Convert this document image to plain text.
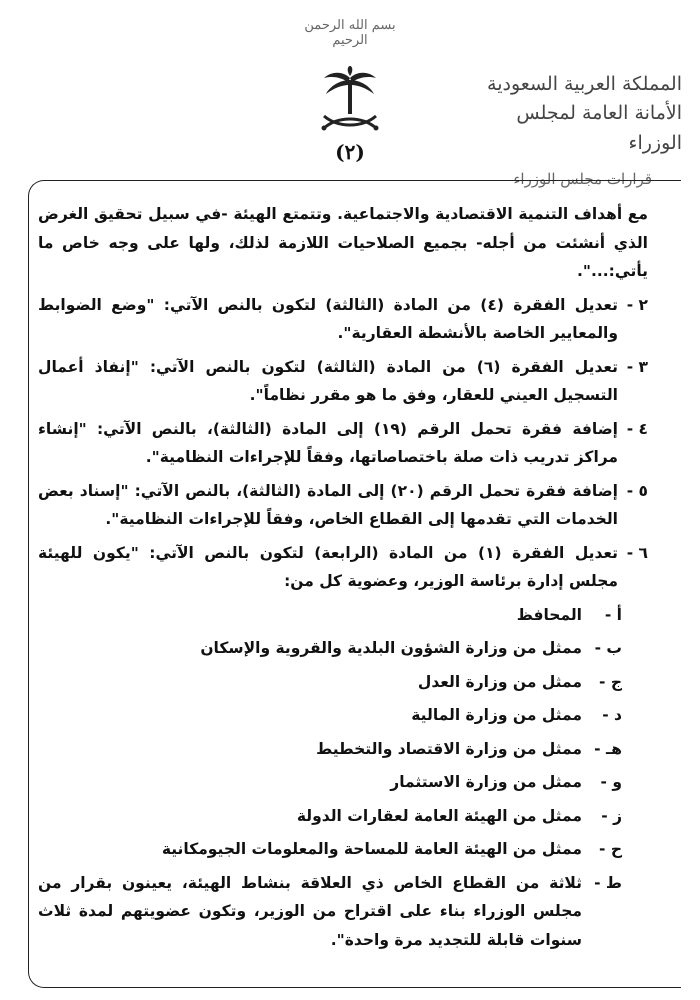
بسم الله الرحمن الرحيم
(٢)
المملكة العربية السعودية
الأمانة العامة لمجلس الوزراء
قرارات مجلس الوزراء

مع أهداف التنمية الاقتصادية والاجتماعية. وتتمتع الهيئة -في سبيل تحقيق الغرض الذي أنشئت من أجله- بجميع الصلاحيات اللازمة لذلك، ولها على وجه خاص ما يأتي:...".

٢ -
تعديل الفقرة (٤) من المادة (الثالثة) لتكون بالنص الآتي: "وضع الضوابط والمعايير الخاصة بالأنشطة العقارية".
٣ -
تعديل الفقرة (٦) من المادة (الثالثة) لتكون بالنص الآتي: "إنفاذ أعمال التسجيل العيني للعقار، وفق ما هو مقرر نظاماً".
٤ -
إضافة فقرة تحمل الرقم (١٩) إلى المادة (الثالثة)، بالنص الآتي: "إنشاء مراكز تدريب ذات صلة باختصاصاتها، وفقاً للإجراءات النظامية".
٥ -
إضافة فقرة تحمل الرقم (٢٠) إلى المادة (الثالثة)، بالنص الآتي: "إسناد بعض الخدمات التي تقدمها إلى القطاع الخاص، وفقاً للإجراءات النظامية".
٦ -
تعديل الفقرة (١) من المادة (الرابعة) لتكون بالنص الآتي: "يكون للهيئة مجلس إدارة برئاسة الوزير، وعضوية كل من:
أ -
المحافظ
ب -
ممثل من وزارة الشؤون البلدية والقروية والإسكان
ج -
ممثل من وزارة العدل
د -
ممثل من وزارة المالية
هـ -
ممثل من وزارة الاقتصاد والتخطيط
و -
ممثل من وزارة الاستثمار
ز -
ممثل من الهيئة العامة لعقارات الدولة
ح -
ممثل من الهيئة العامة للمساحة والمعلومات الجيومكانية
ط -
ثلاثة من القطاع الخاص ذي العلاقة بنشاط الهيئة، يعينون بقرار من مجلس الوزراء بناء على اقتراح من الوزير، وتكون عضويتهم لمدة ثلاث سنوات قابلة للتجديد مرة واحدة".
